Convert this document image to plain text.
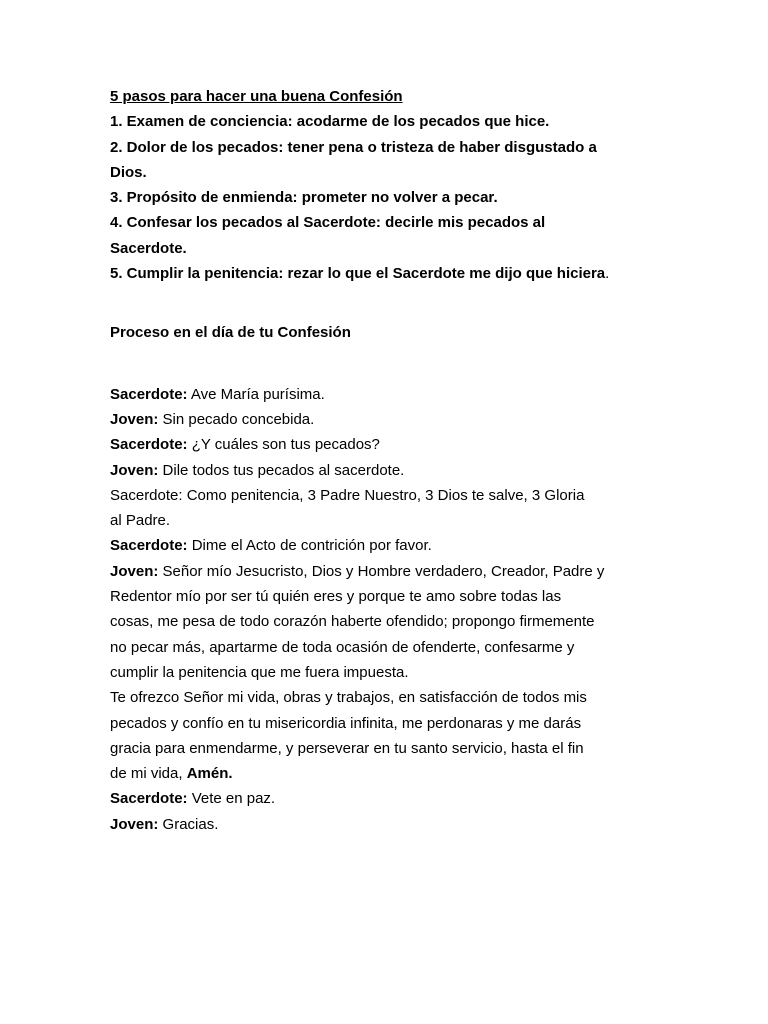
5 pasos para hacer una buena Confesión
1. Examen de conciencia: acodarme de los pecados que hice.
2. Dolor de los pecados: tener pena o tristeza de haber disgustado a
Dios.
3. Propósito de enmienda: prometer no volver a pecar.
4. Confesar los pecados al Sacerdote: decirle mis pecados al
Sacerdote.
5. Cumplir la penitencia: rezar lo que el Sacerdote me dijo que hiciera.
Proceso en el día de tu Confesión
Sacerdote: Ave María purísima.
Joven: Sin pecado concebida.
Sacerdote: ¿Y cuáles son tus pecados?
Joven: Dile todos tus pecados al sacerdote.
Sacerdote: Como penitencia, 3 Padre Nuestro, 3 Dios te salve, 3 Gloria
al Padre.
Sacerdote: Dime el Acto de contrición por favor.
Joven: Señor mío Jesucristo, Dios y Hombre verdadero, Creador, Padre y
Redentor mío por ser tú quién eres y porque te amo sobre todas las
cosas, me pesa de todo corazón haberte ofendido; propongo firmemente
no pecar más, apartarme de toda ocasión de ofenderte, confesarme y
cumplir la penitencia que me fuera impuesta.
Te ofrezco Señor mi vida, obras y trabajos, en satisfacción de todos mis
pecados y confío en tu misericordia infinita, me perdonaras y me darás
gracia para enmendarme, y perseverar en tu santo servicio, hasta el fin
de mi vida, Amén.
Sacerdote: Vete en paz.
Joven: Gracias.
